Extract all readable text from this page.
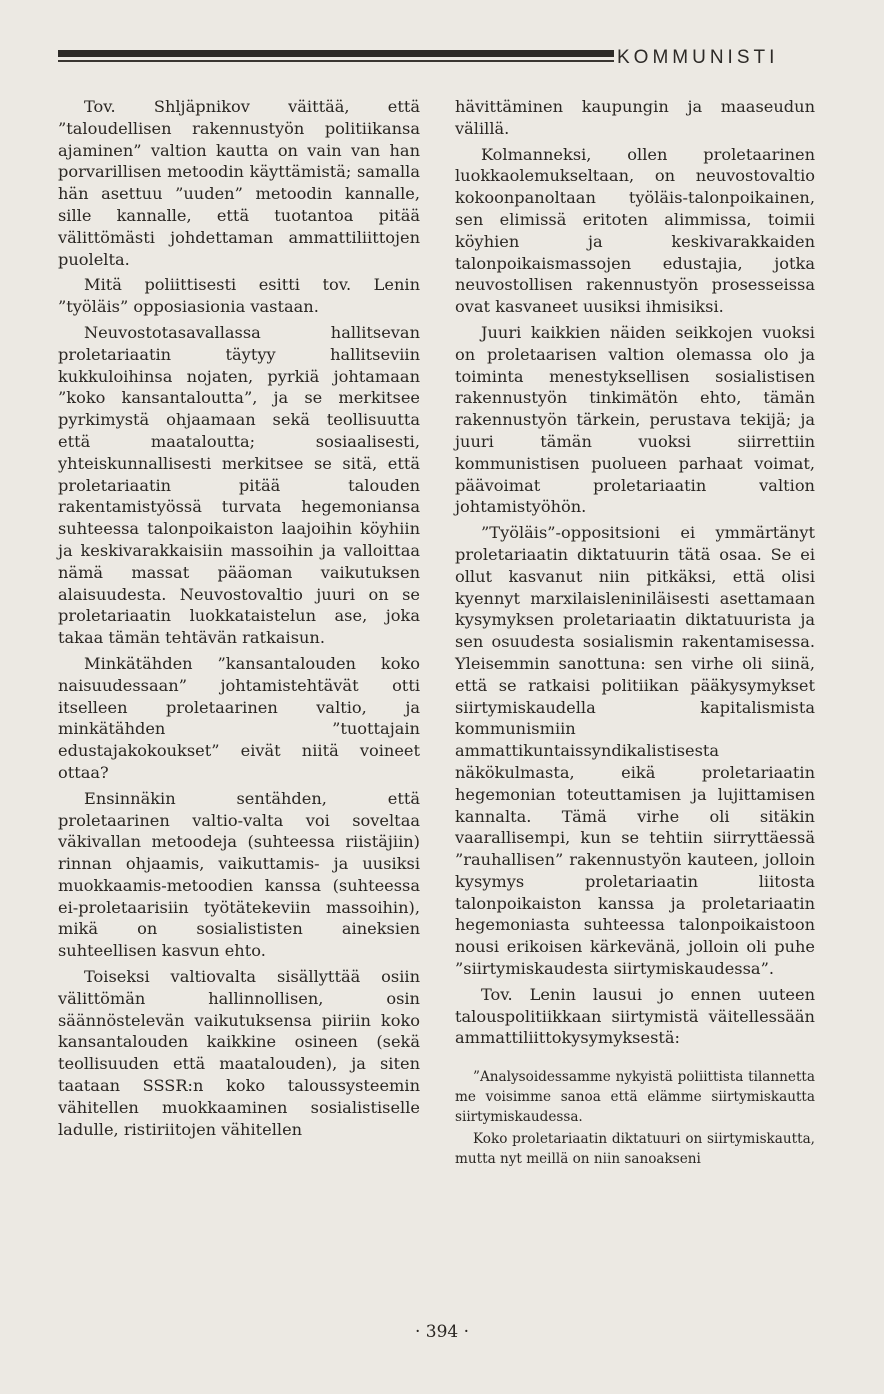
KOMMUNISTI

Tov. Shljäpnikov väittää, että ”taloudellisen rakennustyön politiikansa ajaminen” valtion kautta on vain van han porvarillisen metoodin käyttämistä; samalla hän asettuu ”uuden” metoodin kannalle, sille kannalle, että tuotantoa pitää välittömästi johdettaman ammattiliittojen puolelta.

Mitä poliittisesti esitti tov. Lenin ”työläis” opposiasionia vastaan.

Neuvostotasavallassa hallitsevan proletariaatin täytyy hallitseviin kukkuloihinsa nojaten, pyrkiä johtamaan ”koko kansantaloutta”, ja se merkitsee pyrkimystä ohjaamaan sekä teollisuutta että maataloutta; sosiaalisesti, yhteiskunnallisesti merkitsee se sitä, että proletariaatin pitää talouden rakentamistyössä turvata hegemoniansa suhteessa talonpoikaiston laajoihin köyhiin ja keskivarakkaisiin massoihin ja valloittaa nämä massat pääoman vaikutuksen alaisuudesta. Neuvostovaltio juuri on se proletariaatin luokkataistelun ase, joka takaa tämän tehtävän ratkaisun.

Minkätähden ”kansantalouden koko naisuudessaan” johtamistehtävät otti itselleen proletaarinen valtio, ja minkätähden ”tuottajain edustajakokoukset” eivät niitä voineet ottaa?

Ensinnäkin sentähden, että proletaarinen valtio-valta voi soveltaa väkivallan metoodeja (suhteessa riistäjiin) rinnan ohjaamis, vaikuttamis- ja uusiksi muokkaamis-metoodien kanssa (suhteessa ei-proletaarisiin työtätekeviin massoihin), mikä on sosialististen aineksien suhteellisen kasvun ehto.

Toiseksi valtiovalta sisällyttää osiin välittömän hallinnollisen, osin säännöstelevän vaikutuksensa piiriin koko kansantalouden kaikkine osineen (sekä teollisuuden että maatalouden), ja siten taataan SSSR:n koko taloussysteemin vähitellen muokkaaminen sosialistiselle ladulle, ristiriitojen vähitellen

hävittäminen kaupungin ja maaseudun välillä.

Kolmanneksi, ollen proletaarinen luokkaolemukseltaan, on neuvostovaltio kokoonpanoltaan työläis-talonpoikainen, sen elimissä eritoten alimmissa, toimii köyhien ja keskivarakkaiden talonpoikaismassojen edustajia, jotka neuvostollisen rakennustyön prosesseissa ovat kasvaneet uusiksi ihmisiksi.

Juuri kaikkien näiden seikkojen vuoksi on proletaarisen valtion olemassa olo ja toiminta menestyksellisen sosialistisen rakennustyön tinkimätön ehto, tämän rakennustyön tärkein, perustava tekijä; ja juuri tämän vuoksi siirrettiin kommunistisen puolueen parhaat voimat, päävoimat proletariaatin valtion johtamistyöhön.

”Työläis”-oppositsioni ei ymmärtänyt proletariaatin diktatuurin tätä osaa. Se ei ollut kasvanut niin pitkäksi, että olisi kyennyt marxilaisleniniläisesti asettamaan kysymyksen proletariaatin diktatuurista ja sen osuudesta sosialismin rakentamisessa. Yleisemmin sanottuna: sen virhe oli siinä, että se ratkaisi politiikan pääkysymykset siirtymiskaudella kapitalismista kommunismiin ammattikuntaissyndikalistisesta näkökulmasta, eikä proletariaatin hegemonian toteuttamisen ja lujittamisen kannalta. Tämä virhe oli sitäkin vaarallisempi, kun se tehtiin siirryttäessä ”rauhallisen” rakennustyön kauteen, jolloin kysymys proletariaatin liitosta talonpoikaiston kanssa ja proletariaatin hegemoniasta suhteessa talonpoikaistoon nousi erikoisen kärkevänä, jolloin oli puhe ”siirtymiskaudesta siirtymiskaudessa”.

Tov. Lenin lausui jo ennen uuteen talouspolitiikkaan siirtymistä väitellessään ammattiliittokysymyksestä:

”Analysoidessamme nykyistä poliittista tilannetta me voisimme sanoa että elämme siirtymiskautta siirtymiskaudessa.

Koko proletariaatin diktatuuri on siirtymiskautta, mutta nyt meillä on niin sanoakseni

· 394 ·
